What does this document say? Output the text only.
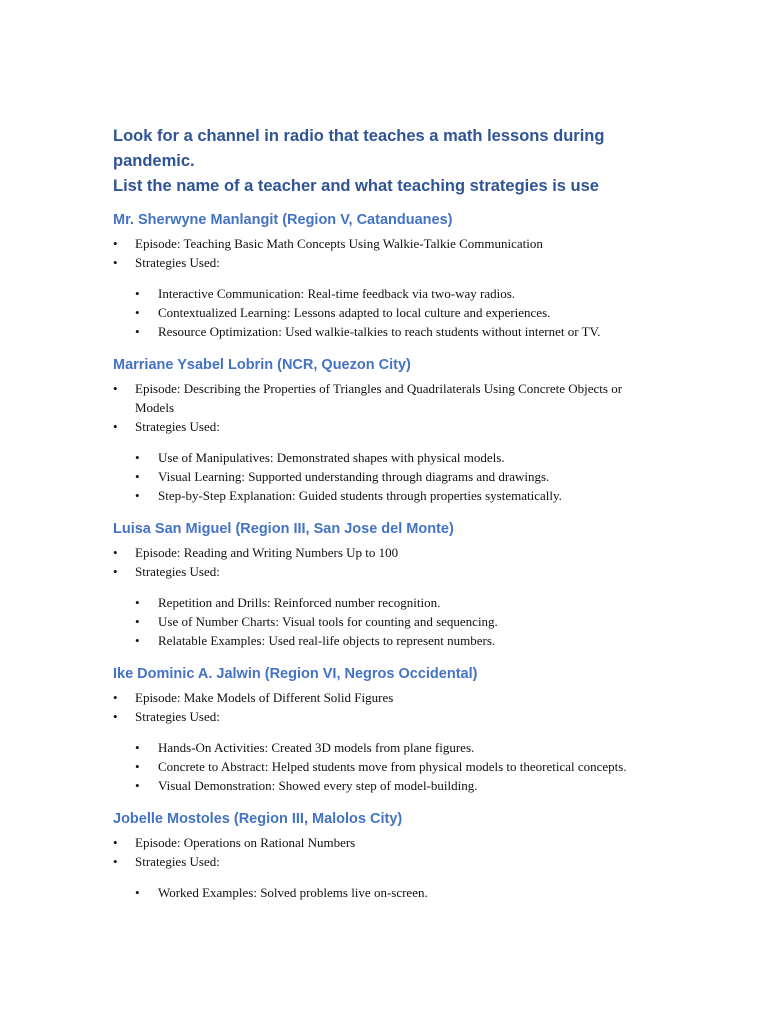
Look for a channel in radio that teaches a math lessons during pandemic.
List the name of a teacher and what teaching strategies is use
Mr. Sherwyne Manlangit (Region V, Catanduanes)
• Episode: Teaching Basic Math Concepts Using Walkie-Talkie Communication
• Strategies Used:
• Interactive Communication: Real-time feedback via two-way radios.
• Contextualized Learning: Lessons adapted to local culture and experiences.
• Resource Optimization: Used walkie-talkies to reach students without internet or TV.
Marriane Ysabel Lobrin (NCR, Quezon City)
• Episode: Describing the Properties of Triangles and Quadrilaterals Using Concrete Objects or Models
• Strategies Used:
• Use of Manipulatives: Demonstrated shapes with physical models.
• Visual Learning: Supported understanding through diagrams and drawings.
• Step-by-Step Explanation: Guided students through properties systematically.
Luisa San Miguel (Region III, San Jose del Monte)
• Episode: Reading and Writing Numbers Up to 100
• Strategies Used:
• Repetition and Drills: Reinforced number recognition.
• Use of Number Charts: Visual tools for counting and sequencing.
• Relatable Examples: Used real-life objects to represent numbers.
Ike Dominic A. Jalwin (Region VI, Negros Occidental)
• Episode: Make Models of Different Solid Figures
• Strategies Used:
• Hands-On Activities: Created 3D models from plane figures.
• Concrete to Abstract: Helped students move from physical models to theoretical concepts.
• Visual Demonstration: Showed every step of model-building.
Jobelle Mostoles (Region III, Malolos City)
• Episode: Operations on Rational Numbers
• Strategies Used:
• Worked Examples: Solved problems live on-screen.
